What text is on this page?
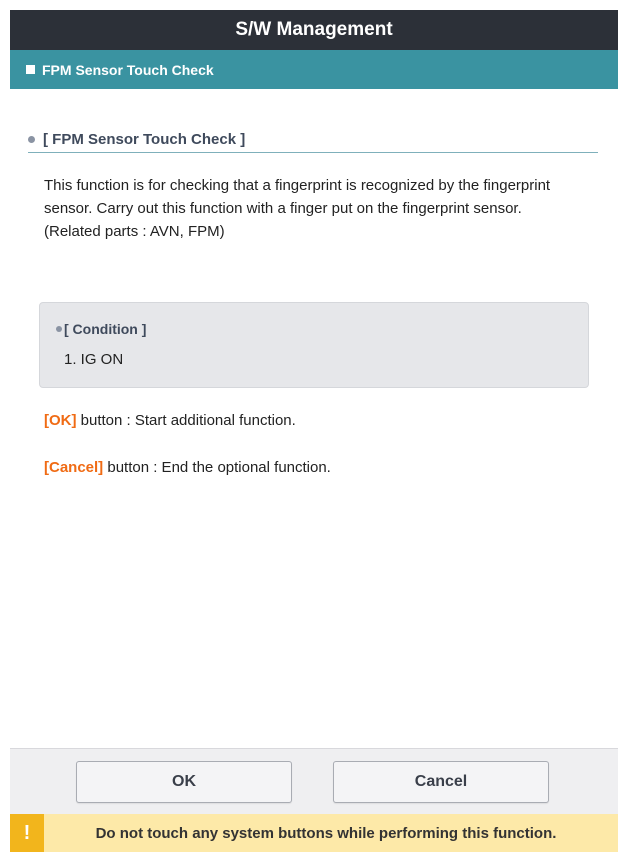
S/W Management
FPM Sensor Touch Check
[ FPM Sensor Touch Check ]
This function is for checking that a fingerprint is recognized by the fingerprint
sensor. Carry out this function with a finger put on the fingerprint sensor.
(Related parts : AVN, FPM)
[ Condition ]
1. IG ON
[OK] button : Start additional function.
[Cancel] button : End the optional function.
OK	Cancel
!	Do not touch any system buttons while performing this function.
